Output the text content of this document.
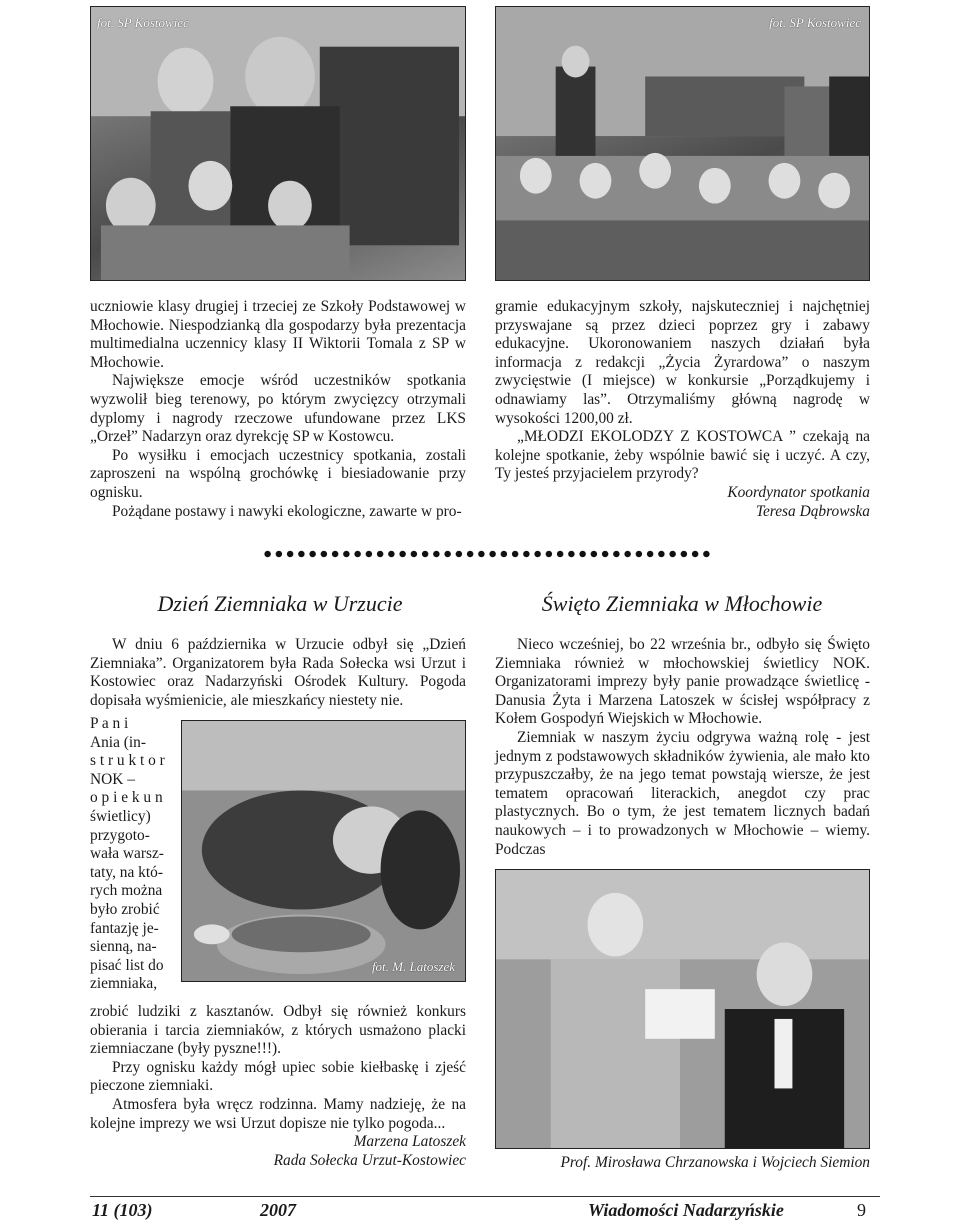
fot. SP Kostowiec	fot. SP Kostowiec

uczniowie klasy drugiej i trzeciej ze Szkoły Podstawowej w Młochowie. Niespodzianką dla gospodarzy była prezentacja multimedialna uczennicy klasy II Wiktorii Tomala z SP w Młochowie.

Największe emocje wśród uczestników spotkania wyzwolił bieg terenowy, po którym zwycięzcy otrzymali dyplomy i nagrody rzeczowe ufundowane przez LKS „Orzeł” Nadarzyn oraz dyrekcję SP w Kostowcu.

Po wysiłku i emocjach uczestnicy spotkania, zostali zaproszeni na wspólną grochówkę i biesiadowanie przy ognisku.

Pożądane postawy i nawyki ekologiczne, zawarte w pro-

gramie edukacyjnym szkoły, najskuteczniej i najchętniej przyswajane są przez dzieci poprzez gry i zabawy edukacyjne. Ukoronowaniem naszych działań była informacja z redakcji „Życia Żyrardowa” o naszym zwycięstwie (I miejsce) w konkursie „Porządkujemy i odnawiamy las”. Otrzymaliśmy główną nagrodę w wysokości 1200,00 zł.

„MŁODZI EKOLODZY Z KOSTOWCA ” czekają na kolejne spotkanie, żeby wspólnie bawić się i uczyć. A czy, Ty jesteś przyjacielem przyrody?

Koordynator spotkania

Teresa Dąbrowska

Dzień Ziemniaka w Urzucie	Święto Ziemniaka w Młochowie

W dniu 6 października w Urzucie odbył się „Dzień Ziemniaka”. Organizatorem była Rada Sołecka wsi Urzut i Kostowiec oraz Nadarzyński Ośrodek Kultury. Pogoda dopisała wyśmienicie, ale mieszkańcy niestety nie.

P a n i

Ania (in-

s t r u k t o r

NOK –

o p i e k u n

świetlicy)

przygoto-

wała warsz-

taty, na któ-

rych można

było zrobić

fantazję je-

sienną, na-

pisać list do

ziemniaka,

fot. M. Latoszek

zrobić ludziki z kasztanów. Odbył się również konkurs obierania i tarcia ziemniaków, z których usmażono placki ziemniaczane (były pyszne!!!).

Przy ognisku każdy mógł upiec sobie kiełbaskę i zjeść pieczone ziemniaki.

Atmosfera była wręcz rodzinna. Mamy nadzieję, że na kolejne imprezy we wsi Urzut dopisze nie tylko pogoda...

Marzena Latoszek

Rada Sołecka Urzut-Kostowiec

Nieco wcześniej, bo 22 września br., odbyło się Święto Ziemniaka również w młochowskiej świetlicy NOK. Organizatorami imprezy były panie prowadzące świetlicę - Danusia Żyta i Marzena Latoszek w ścisłej współpracy z Kołem Gospodyń Wiejskich w Młochowie.

Ziemniak w naszym życiu odgrywa ważną rolę - jest jednym z podstawowych składników żywienia, ale mało kto przypuszczałby, że na jego temat powstają wiersze, że jest tematem opracowań literackich, anegdot czy prac plastycznych. Bo o tym, że jest tematem licznych badań naukowych – i to prowadzonych w Młochowie – wiemy. Podczas

Prof. Mirosława Chrzanowska i Wojciech Siemion
11 (103)	2007	Wiadomości Nadarzyńskie	9
